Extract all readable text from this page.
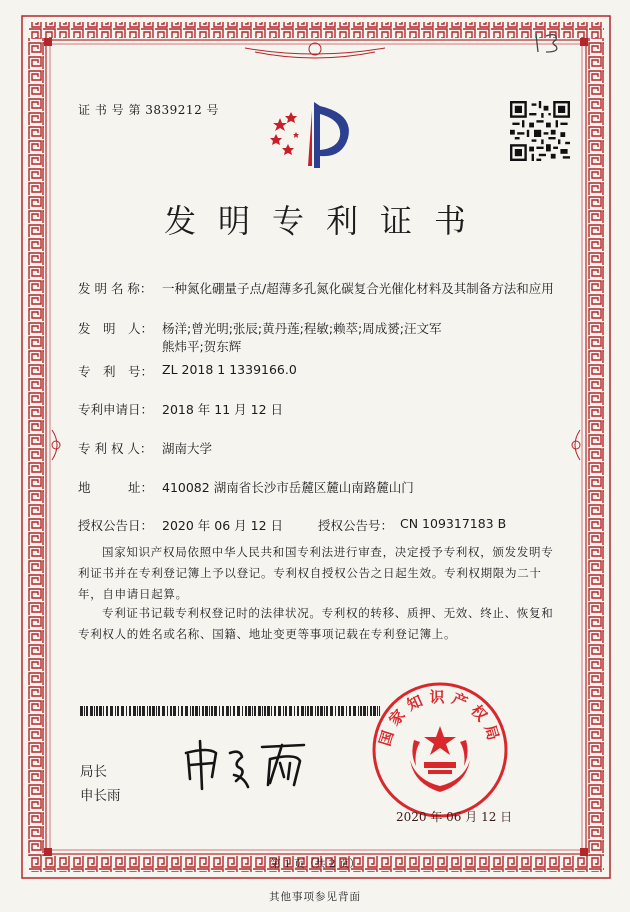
证 书 号 第 3839212 号
发明专利证书
发 明 名 称： 一种氮化硼量子点/超薄多孔氮化碳复合光催化材料及其制备方法和应用
发　明　人： 杨洋;曾光明;张辰;黄丹莲;程敏;赖萃;周成赟;汪文军
熊炜平;贺东辉
专　利　号： ZL 2018 1 1339166.0
专利申请日： 2018 年 11 月 12 日
专 利 权 人： 湖南大学
地　　　址： 410082 湖南省长沙市岳麓区麓山南路麓山门
授权公告日： 2020 年 06 月 12 日	授权公告号： CN 109317183 B
国家知识产权局依照中华人民共和国专利法进行审查，决定授予专利权，颁发发明专利证书并在专利登记簿上予以登记。专利权自授权公告之日起生效。专利权期限为二十年，自申请日起算。
专利证书记载专利权登记时的法律状况。专利权的转移、质押、无效、终止、恢复和专利权人的姓名或名称、国籍、地址变更等事项记载在专利登记簿上。
局长
申长雨
国家知识产权局
2020 年 06 月 12 日
第 1 页（共 2 页）
其他事项参见背面
